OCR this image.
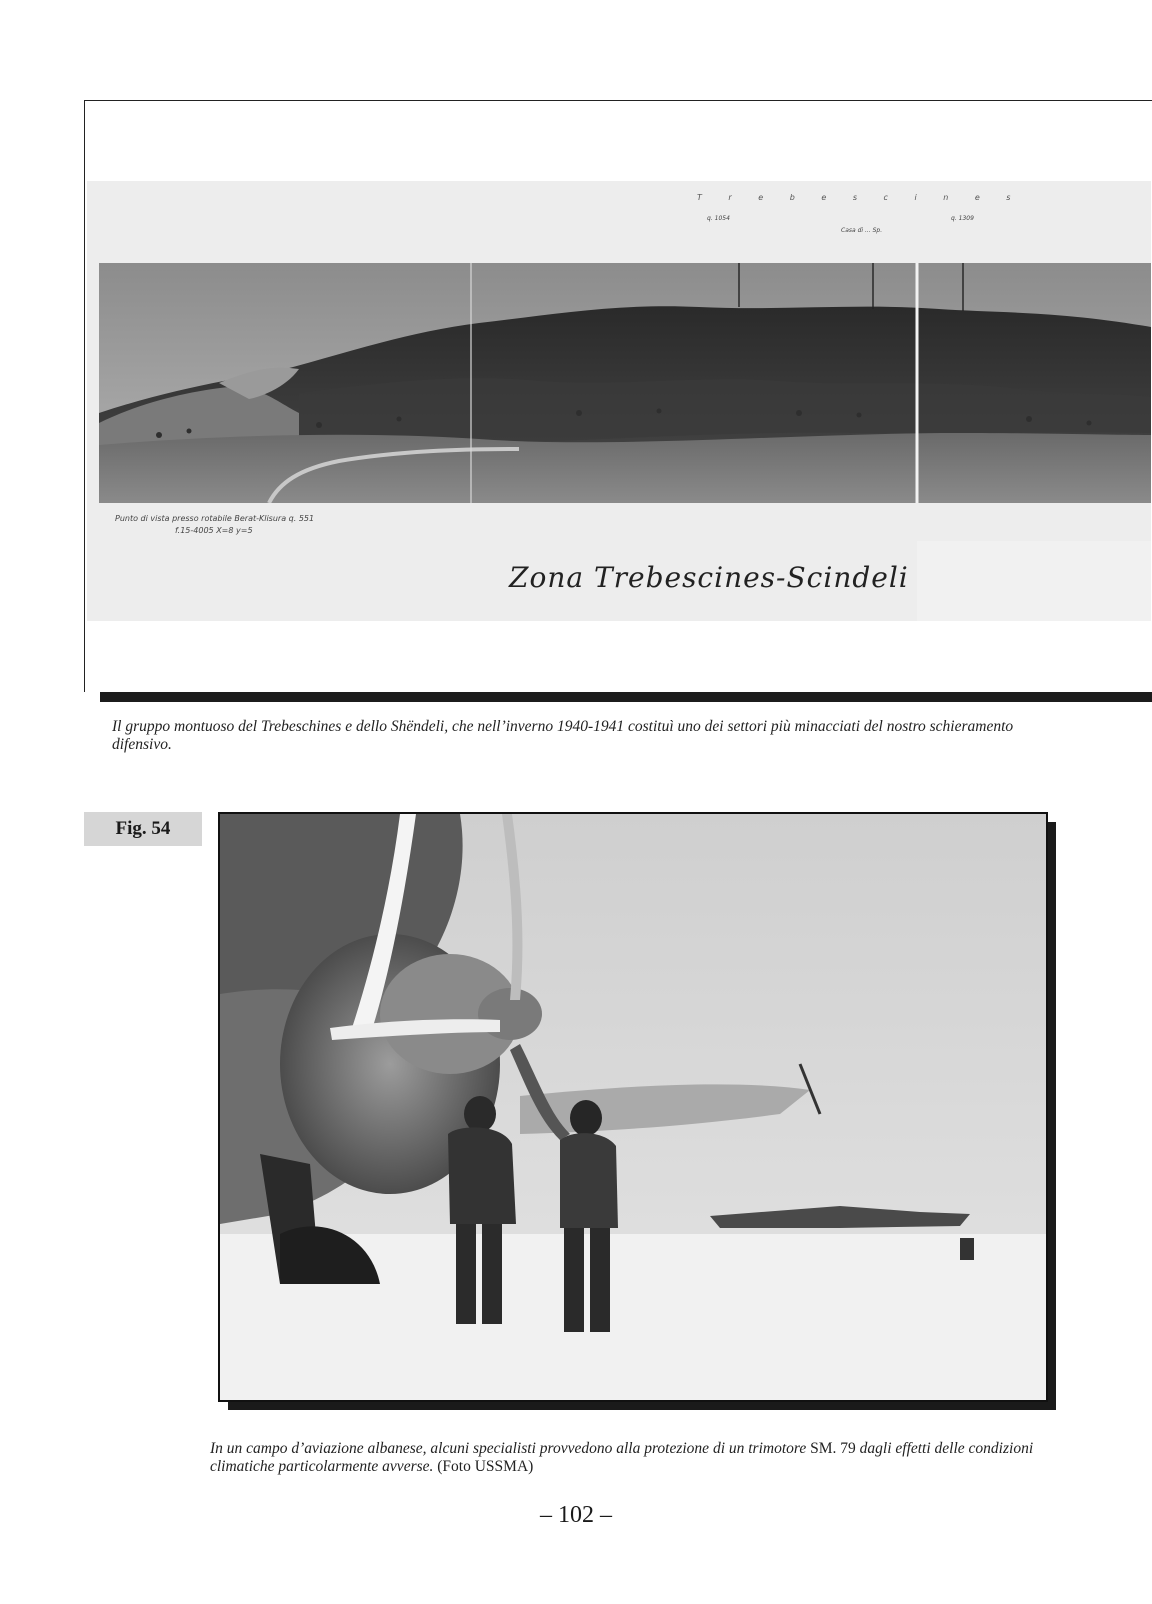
T r e b e s c i n e s
q. 1054
Casa di ... Sp.
q. 1309
Punto di vista presso rotabile Berat-Klisura q. 551
f.15-4005 X=8 y=5
Zona Trebescines-Scindeli
Il gruppo montuoso del Trebeschines e dello Shëndeli, che nell’inverno 1940-1941 costituì uno dei settori più minacciati del nostro schieramento difensivo.
Fig. 54
In un campo d’aviazione albanese, alcuni specialisti provvedono alla protezione di un trimotore SM. 79 dagli effetti delle condizioni climatiche particolarmente avverse. (Foto USSMA)
– 102 –
